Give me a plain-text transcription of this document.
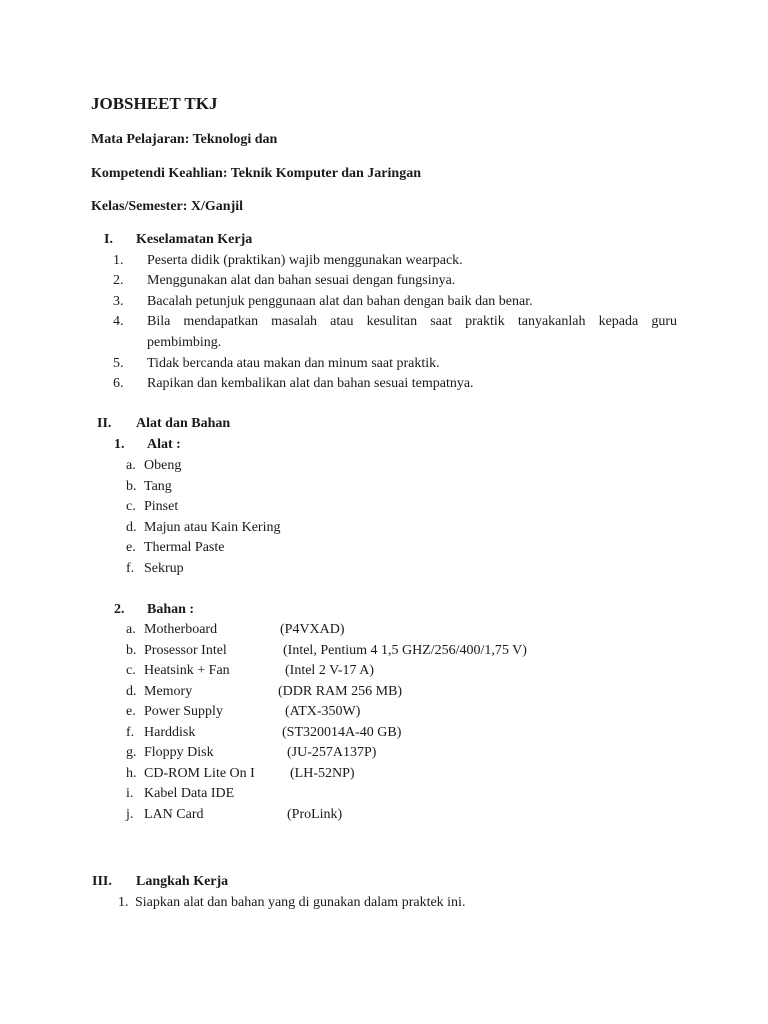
JOBSHEET TKJ
Mata Pelajaran: Teknologi dan
Kompetendi Keahlian: Teknik Komputer dan Jaringan
Kelas/Semester: X/Ganjil
I. Keselamatan Kerja
1. Peserta didik (praktikan) wajib menggunakan wearpack.
2. Menggunakan alat dan bahan sesuai dengan fungsinya.
3. Bacalah petunjuk penggunaan alat dan bahan dengan baik dan benar.
4. Bila mendapatkan masalah atau kesulitan saat praktik tanyakanlah kepada guru
pembimbing.
5. Tidak bercanda atau makan dan minum saat praktik.
6. Rapikan dan kembalikan alat dan bahan sesuai tempatnya.
II. Alat dan Bahan
1. Alat :
a. Obeng
b. Tang
c. Pinset
d. Majun atau Kain Kering
e. Thermal Paste
f. Sekrup
2. Bahan :
a. Motherboard	(P4VXAD)
b. Prosessor Intel	(Intel, Pentium 4 1,5 GHZ/256/400/1,75 V)
c. Heatsink + Fan	(Intel 2 V-17 A)
d. Memory	(DDR RAM 256 MB)
e. Power Supply	(ATX-350W)
f. Harddisk	(ST320014A-40 GB)
g. Floppy Disk	(JU-257A137P)
h. CD-ROM Lite On I	(LH-52NP)
i. Kabel Data IDE
j. LAN Card	(ProLink)
III. Langkah Kerja
1. Siapkan alat dan bahan yang di gunakan dalam praktek ini.
